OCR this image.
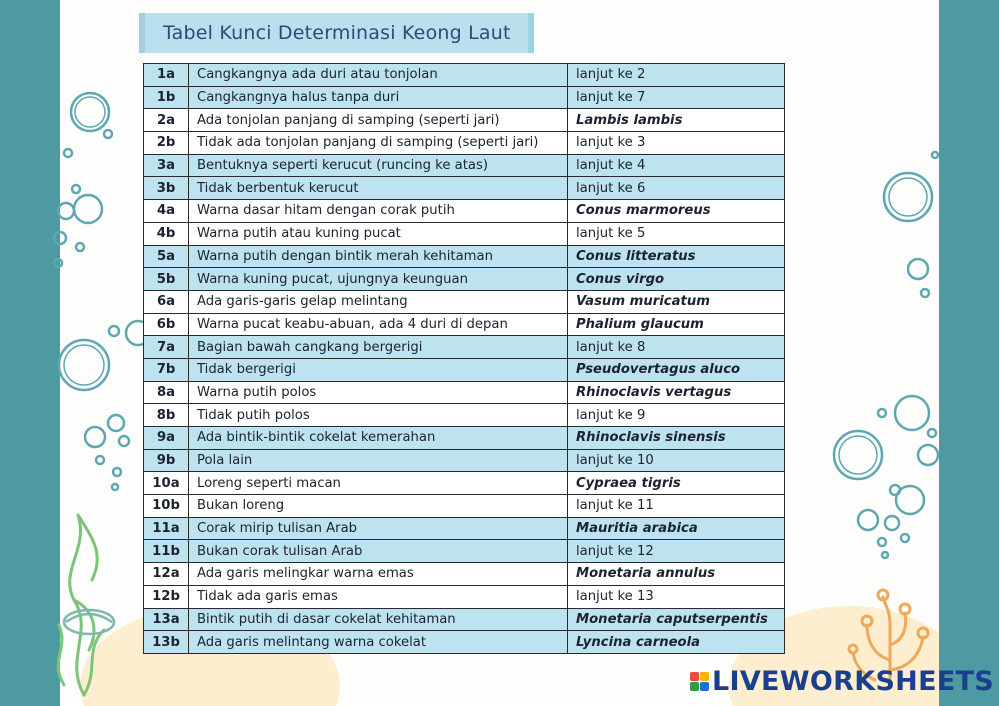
Tabel Kunci Determinasi Keong Laut
1a	Cangkangnya ada duri atau tonjolan	lanjut ke 2
1b	Cangkangnya halus tanpa duri	lanjut ke 7
2a	Ada tonjolan panjang di samping (seperti jari)	Lambis lambis
2b	Tidak ada tonjolan panjang di samping (seperti jari)	lanjut ke 3
3a	Bentuknya seperti kerucut (runcing ke atas)	lanjut ke 4
3b	Tidak berbentuk kerucut	lanjut ke 6
4a	Warna dasar hitam dengan corak putih	Conus marmoreus
4b	Warna putih atau kuning pucat	lanjut ke 5
5a	Warna putih dengan bintik merah kehitaman	Conus litteratus
5b	Warna kuning pucat, ujungnya keunguan	Conus virgo
6a	Ada garis-garis gelap melintang	Vasum muricatum
6b	Warna pucat keabu-abuan, ada 4 duri di depan	Phalium glaucum
7a	Bagian bawah cangkang bergerigi	lanjut ke 8
7b	Tidak bergerigi	Pseudovertagus aluco
8a	Warna putih polos	Rhinoclavis vertagus
8b	Tidak putih polos	lanjut ke 9
9a	Ada bintik-bintik cokelat kemerahan	Rhinoclavis sinensis
9b	Pola lain	lanjut ke 10
10a	Loreng seperti macan	Cypraea tigris
10b	Bukan loreng	lanjut ke 11
11a	Corak mirip tulisan Arab	Mauritia arabica
11b	Bukan corak tulisan Arab	lanjut ke 12
12a	Ada garis melingkar warna emas	Monetaria annulus
12b	Tidak ada garis emas	lanjut ke 13
13a	Bintik putih di dasar cokelat kehitaman	Monetaria caputserpentis
13b	Ada garis melintang warna cokelat	Lyncina carneola
LIVEWORKSHEETS
